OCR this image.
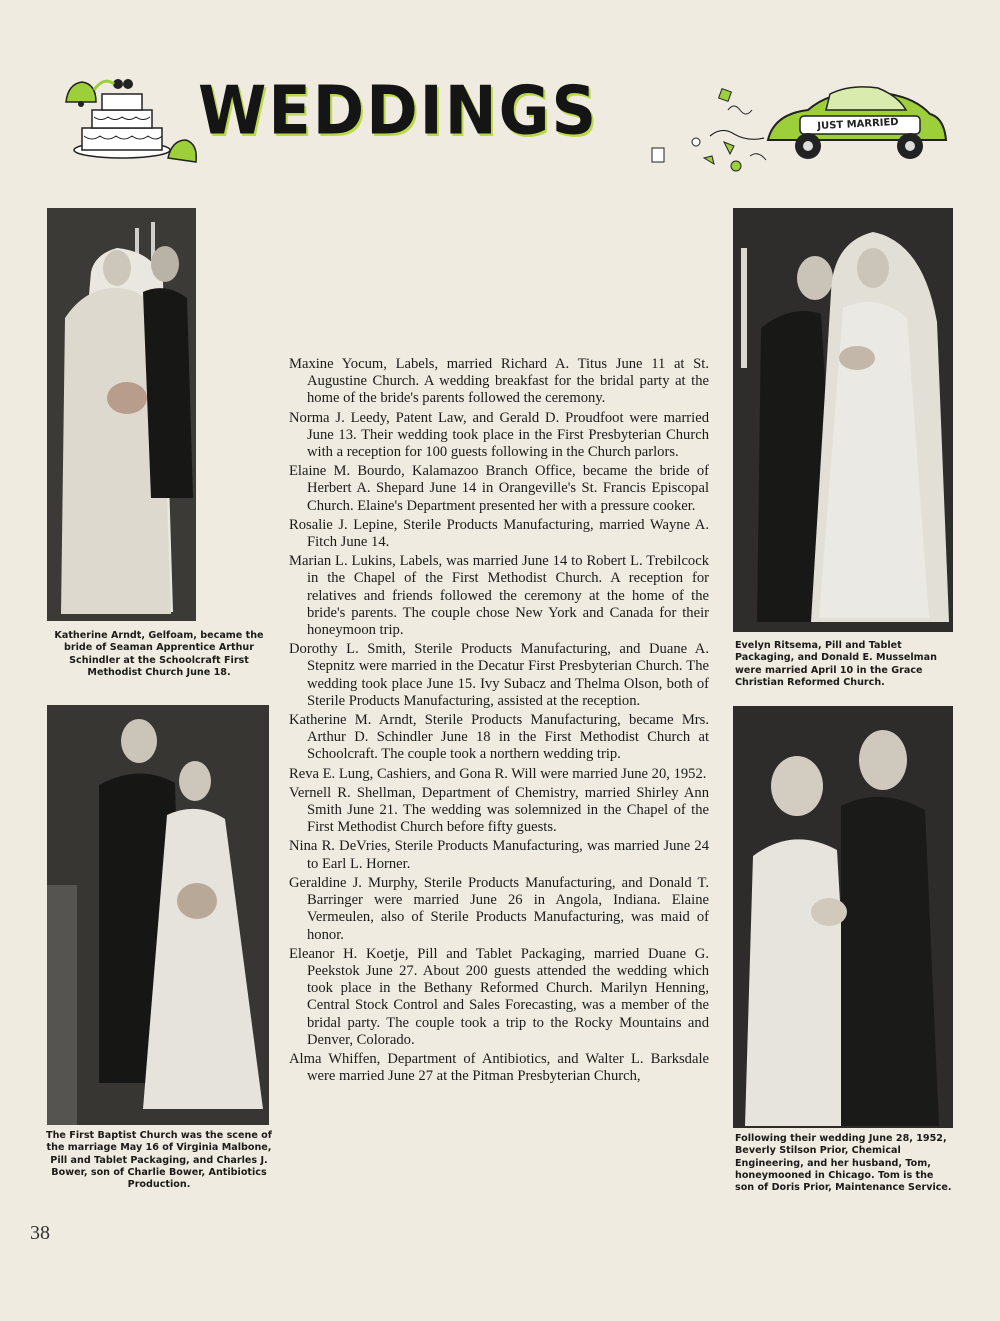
WEDDINGS	JUST MARRIED
Katherine Arndt, Gelfoam, became the bride of Seaman Apprentice Arthur Schindler at the Schoolcraft First Methodist Church June 18.
Evelyn Ritsema, Pill and Tablet Packaging, and Donald E. Musselman were married April 10 in the Grace Christian Reformed Church.
The First Baptist Church was the scene of the marriage May 16 of Virginia Malbone, Pill and Tablet Packaging, and Charles J. Bower, son of Charlie Bower, Antibiotics Production.
Following their wedding June 28, 1952, Beverly Stilson Prior, Chemical Engineering, and her husband, Tom, honeymooned in Chicago. Tom is the son of Doris Prior, Maintenance Service.

Maxine Yocum, Labels, married Richard A. Titus June 11 at St. Augustine Church. A wedding breakfast for the bridal party at the home of the bride's parents followed the ceremony.

Norma J. Leedy, Patent Law, and Gerald D. Proudfoot were married June 13. Their wedding took place in the First Presbyterian Church with a reception for 100 guests following in the Church parlors.

Elaine M. Bourdo, Kalamazoo Branch Office, became the bride of Herbert A. Shepard June 14 in Orangeville's St. Francis Episcopal Church. Elaine's Department presented her with a pressure cooker.

Rosalie J. Lepine, Sterile Products Manufacturing, married Wayne A. Fitch June 14.

Marian L. Lukins, Labels, was married June 14 to Robert L. Trebilcock in the Chapel of the First Methodist Church. A reception for relatives and friends followed the ceremony at the home of the bride's parents. The couple chose New York and Canada for their honeymoon trip.

Dorothy L. Smith, Sterile Products Manufacturing, and Duane A. Stepnitz were married in the Decatur First Presbyterian Church. The wedding took place June 15. Ivy Subacz and Thelma Olson, both of Sterile Products Manufacturing, assisted at the reception.

Katherine M. Arndt, Sterile Products Manufacturing, became Mrs. Arthur D. Schindler June 18 in the First Methodist Church at Schoolcraft. The couple took a northern wedding trip.

Reva E. Lung, Cashiers, and Gona R. Will were married June 20, 1952.

Vernell R. Shellman, Department of Chemistry, married Shirley Ann Smith June 21. The wedding was solemnized in the Chapel of the First Methodist Church before fifty guests.

Nina R. DeVries, Sterile Products Manufacturing, was married June 24 to Earl L. Horner.

Geraldine J. Murphy, Sterile Products Manufacturing, and Donald T. Barringer were married June 26 in Angola, Indiana. Elaine Vermeulen, also of Sterile Products Manufacturing, was maid of honor.

Eleanor H. Koetje, Pill and Tablet Packaging, married Duane G. Peekstok June 27. About 200 guests attended the wedding which took place in the Bethany Reformed Church. Marilyn Henning, Central Stock Control and Sales Forecasting, was a member of the bridal party. The couple took a trip to the Rocky Mountains and Denver, Colorado.

Alma Whiffen, Department of Antibiotics, and Walter L. Barksdale were married June 27 at the Pitman Presbyterian Church,

38
